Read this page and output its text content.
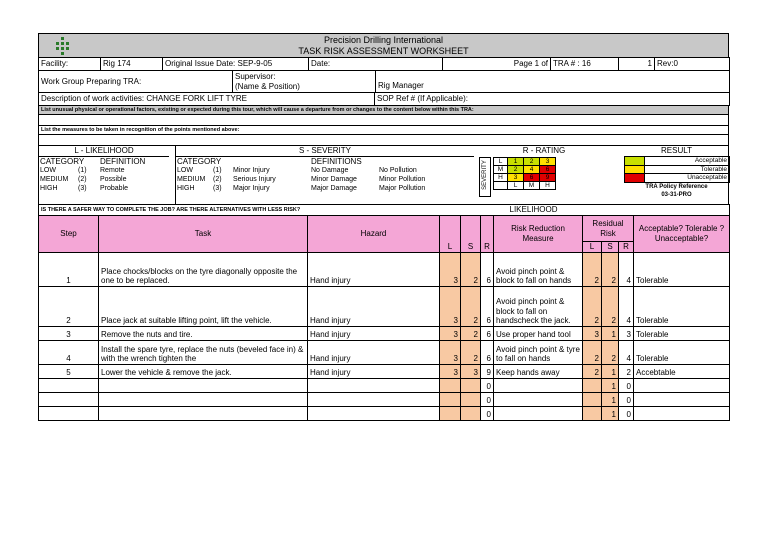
Precision Drilling International
TASK RISK ASSESSMENT WORKSHEET
Facility:	Rig 174	Original Issue Date: SEP-9-05	Date:	Page 1 of	TRA # : 16	1	Rev:0
Work Group Preparing TRA:	
Supervisor:
(Name & Position)	Rig Manager
Description of work activities: CHANGE FORK LIFT TYRE	SOP Ref # (If Applicable):
List unusual physical or operational factors, existing or expected during this tour, which will cause a departure from or changes to the content below within this TRA:

List the measures to be taken in recognition of the points mentioned above:

L - LIKELIHOOD
CATEGORY		DEFINITION
LOW	(1)	Remote
MEDIUM	(2)	Possible
HIGH	(3)	Probable
S - SEVERITY
CATEGORY			DEFINITIONS	
LOW	(1)	Minor Injury	No Damage	No Pollution
MEDIUM	(2)	Serious Injury	Minor Damage	Minor Pollution
HIGH	(3)	Major Injury	Major Damage	Major Pollution
R - RATING
SEVERITY L	1	2	3
M	2	4	6
H	3	6	9
	L	M	H
RESULT
	Acceptable
	Tolerable
	Unacceptable
TRA Policy Reference
03-31-PRO
IS THERE A SAFER WAY TO COMPLETE THE JOB? ARE THERE ALTERNATIVES WITH LESS RISK?	LIKELIHOOD
Step	Task	Hazard	L	S	R	Risk Reduction Measure	Residual Risk			Acceptable? Tolerable ? Unacceptable?
							L	S	R	
1	Place chocks/blocks on the tyre diagonally opposite the one to be replaced.	Hand injury	3	2	6	Avoid pinch point & block to fall on hands	2	2	4	Tolerable
2	Place jack at suitable lifting point, lift the vehicle.	Hand injury	3	2	6	Avoid pinch point & block to fall on handscheck the jack.	2	2	4	Tolerable
3	Remove the nuts and tire.	Hand injury	3	2	6	Use proper hand tool	3	1	3	Tolerable
4	Install the spare tyre, replace the nuts (beveled face in) & with the wrench tighten the	Hand injury	3	2	6	Avoid pinch point & tyre to fall on hands	2	2	4	Tolerable
5	Lower the vehicle & remove the jack.	Hand injury	3	3	9	Keep hands away	2	1	2	Accebtable
					0			1	0	
					0			1	0	
					0			1	0	
